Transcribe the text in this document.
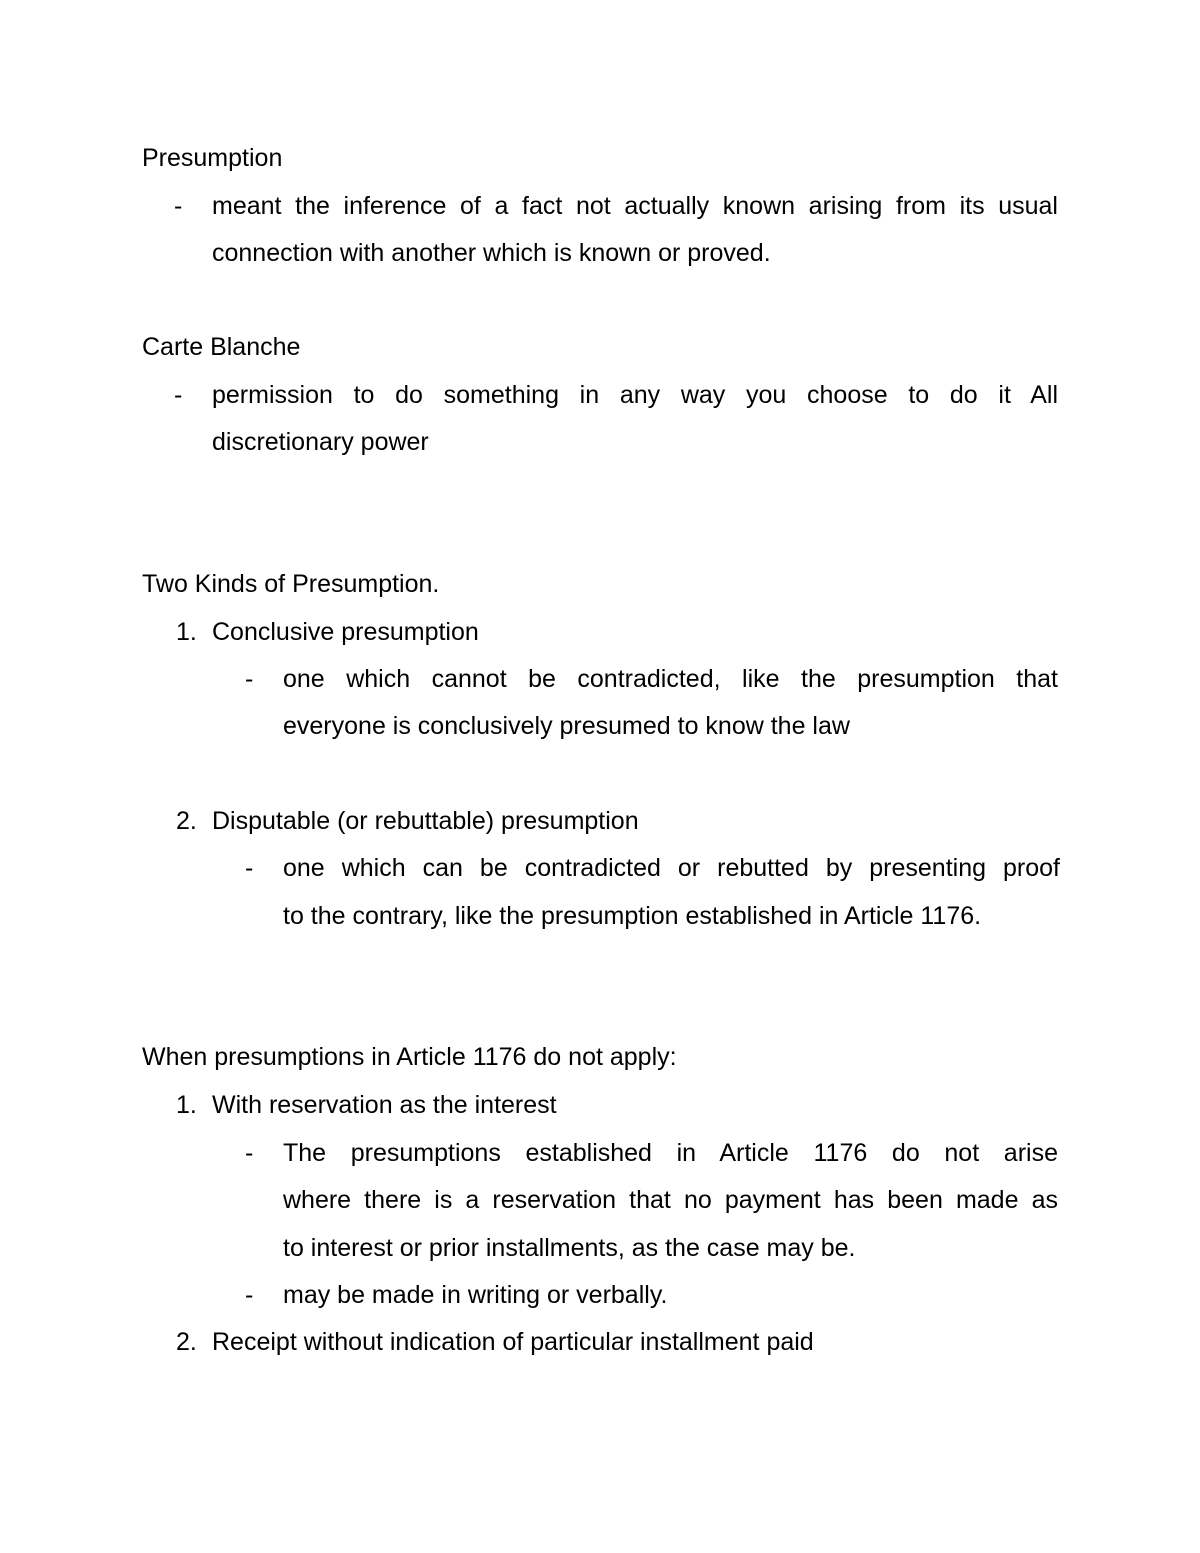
Presumption
- meant the inference of a fact not actually known arising from its usual
connection with another which is known or proved.
Carte Blanche
- permission to do something in any way you choose to do it All
discretionary power
Two Kinds of Presumption.
1. Conclusive presumption
- one which cannot be contradicted, like the presumption that
everyone is conclusively presumed to know the law
2. Disputable (or rebuttable) presumption
- one which can be contradicted or rebutted by presenting proof
to the contrary, like the presumption established in Article 1176.
When presumptions in Article 1176 do not apply:
1. With reservation as the interest
- The presumptions established in Article 1176 do not arise
where there is a reservation that no payment has been made as
to interest or prior installments, as the case may be.
- may be made in writing or verbally.
2. Receipt without indication of particular installment paid
